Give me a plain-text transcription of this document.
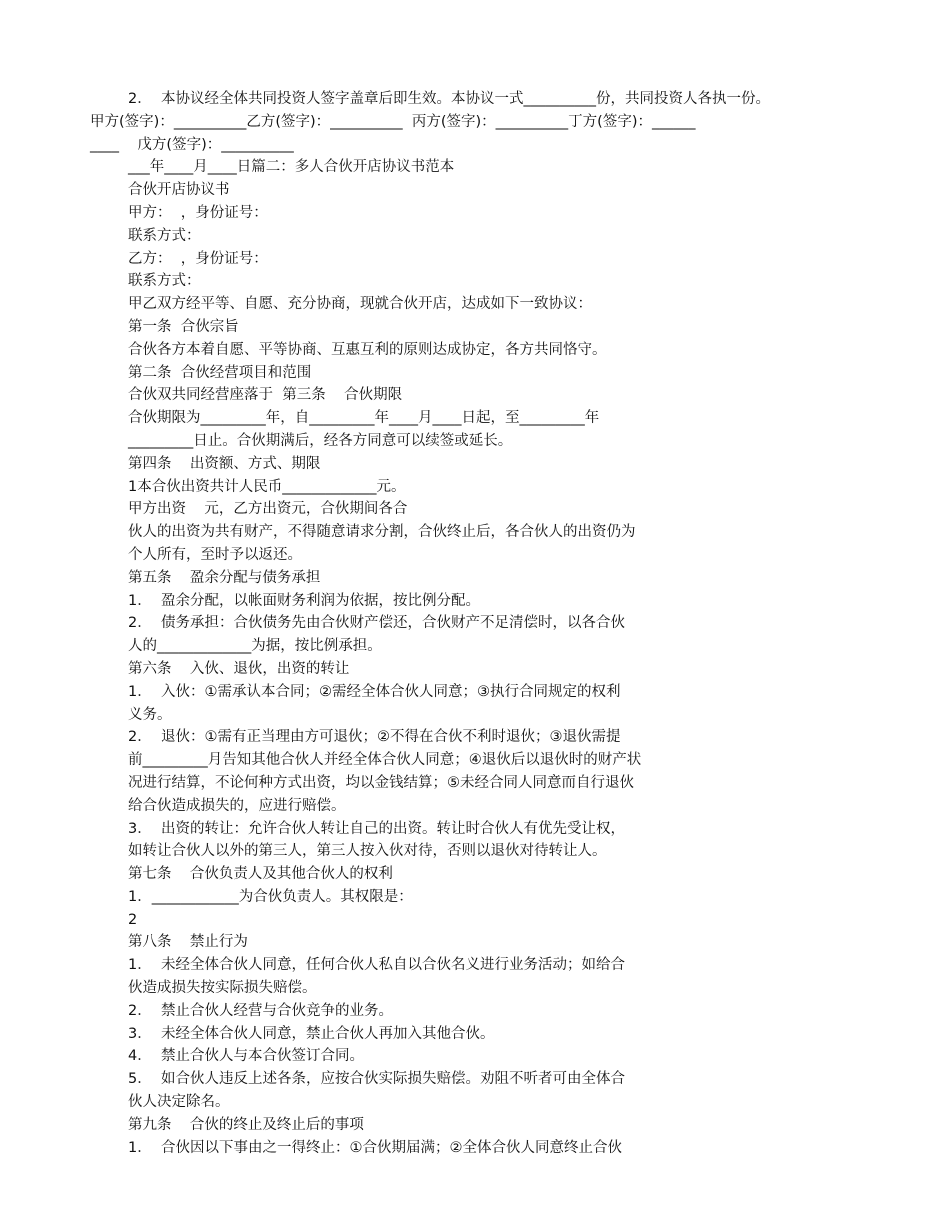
2．  本协议经全体共同投资人签字盖章后即生效。本协议一式__________份，共同投资人各执一份。
甲方(签字)：__________乙方(签字)：__________  丙方(签字)：__________丁方(签字)：______
____    戊方(签字)：__________
___年____月____日篇二：多人合伙开店协议书范本
合伙开店协议书
甲方：  ，身份证号：
联系方式：
乙方：  ，身份证号：
联系方式：
甲乙双方经平等、自愿、充分协商，现就合伙开店，达成如下一致协议：
第一条  合伙宗旨
合伙各方本着自愿、平等协商、互惠互利的原则达成协定，各方共同恪守。
第二条  合伙经营项目和范围
合伙双共同经营座落于  第三条    合伙期限
合伙期限为_________年，自_________年____月____日起，至_________年
_________日止。合伙期满后，经各方同意可以续签或延长。
第四条    出资额、方式、期限
1本合伙出资共计人民币_____________元。
甲方出资    元，乙方出资元，合伙期间各合
伙人的出资为共有财产，不得随意请求分割，合伙终止后，各合伙人的出资仍为
个人所有，至时予以返还。
第五条    盈余分配与债务承担
1．  盈余分配，以帐面财务利润为依据，按比例分配。
2．  债务承担：合伙债务先由合伙财产偿还，合伙财产不足清偿时，以各合伙
人的_____________为据，按比例承担。
第六条    入伙、退伙，出资的转让
1．  入伙：①需承认本合同；②需经全体合伙人同意；③执行合同规定的权利
义务。
2．  退伙：①需有正当理由方可退伙；②不得在合伙不利时退伙；③退伙需提
前_________月告知其他合伙人并经全体合伙人同意；④退伙后以退伙时的财产状
况进行结算，不论何种方式出资，均以金钱结算；⑤未经合同人同意而自行退伙
给合伙造成损失的，应进行赔偿。
3．  出资的转让：允许合伙人转让自己的出资。转让时合伙人有优先受让权，
如转让合伙人以外的第三人，第三人按入伙对待，否则以退伙对待转让人。
第七条    合伙负责人及其他合伙人的权利
1．____________为合伙负责人。其权限是：
2
第八条    禁止行为
1．  未经全体合伙人同意，任何合伙人私自以合伙名义进行业务活动；如给合
伙造成损失按实际损失赔偿。
2．  禁止合伙人经营与合伙竞争的业务。
3．  未经全体合伙人同意，禁止合伙人再加入其他合伙。
4．  禁止合伙人与本合伙签订合同。
5．  如合伙人违反上述各条，应按合伙实际损失赔偿。劝阻不听者可由全体合
伙人决定除名。
第九条    合伙的终止及终止后的事项
1．  合伙因以下事由之一得终止：①合伙期届满；②全体合伙人同意终止合伙
